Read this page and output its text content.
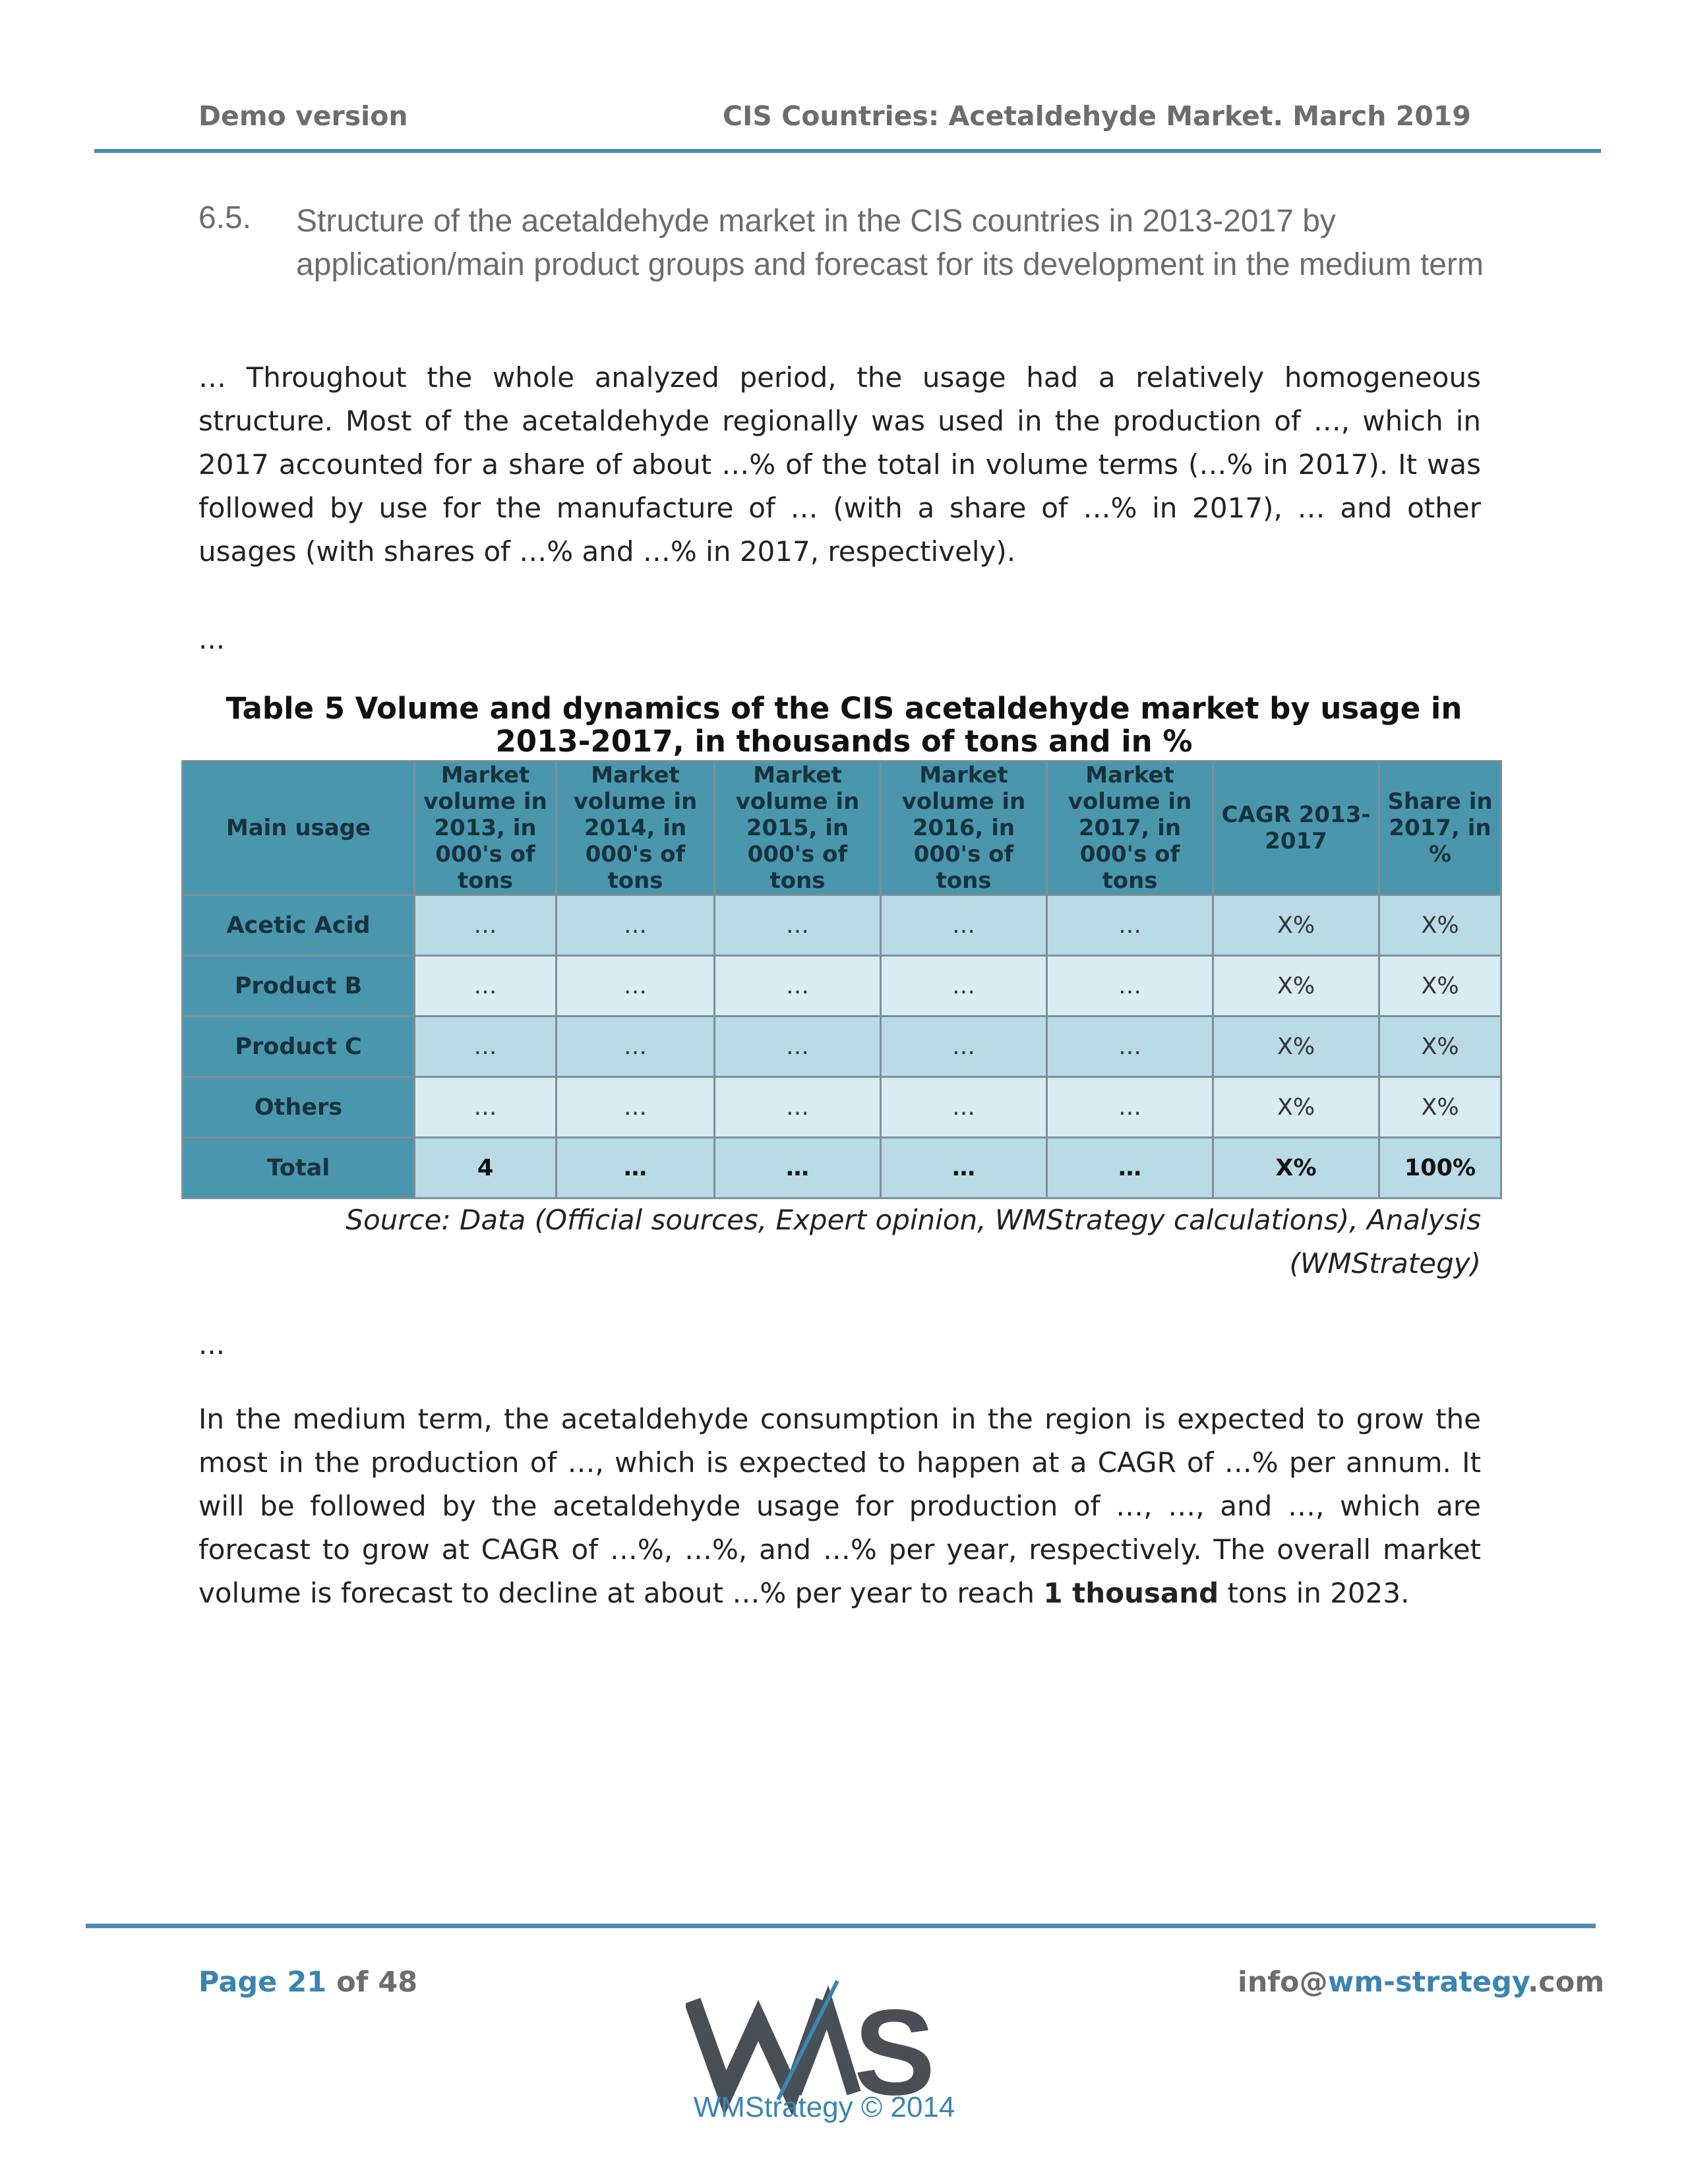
Demo version	CIS Countries: Acetaldehyde Market. March 2019
6.5. Structure of the acetaldehyde market in the CIS countries in 2013-2017 by application/main product groups and forecast for its development in the medium term
… Throughout the whole analyzed period, the usage had a relatively homogeneous structure. Most of the acetaldehyde regionally was used in the production of …, which in 2017 accounted for a share of about …% of the total in volume terms (…% in 2017). It was followed by use for the manufacture of … (with a share of …% in 2017), … and other usages (with shares of …% and …% in 2017, respectively).
...
Table 5 Volume and dynamics of the CIS acetaldehyde market by usage in 2013-2017, in thousands of tons and in %
Main usage	Market volume in 2013, in 000's of tons	Market volume in 2014, in 000's of tons	Market volume in 2015, in 000's of tons	Market volume in 2016, in 000's of tons	Market volume in 2017, in 000's of tons	CAGR 2013-2017	Share in 2017, in %
Acetic Acid	…	…	…	…	…	X%	X%
Product B	…	…	…	…	…	X%	X%
Product C	…	…	…	…	…	X%	X%
Others	…	…	…	…	…	X%	X%
Total	4	…	…	…	…	X%	100%
Source: Data (Official sources, Expert opinion, WMStrategy calculations), Analysis (WMStrategy)
...
In the medium term, the acetaldehyde consumption in the region is expected to grow the most in the production of …, which is expected to happen at a CAGR of …% per annum. It will be followed by the acetaldehyde usage for production of …, …, and …, which are forecast to grow at CAGR of …%, …%, and …% per year, respectively. The overall market volume is forecast to decline at about …% per year to reach 1 thousand tons in 2023.
Page 21 of 48	info@wm-strategy.com
S
WMStrategy © 2014
